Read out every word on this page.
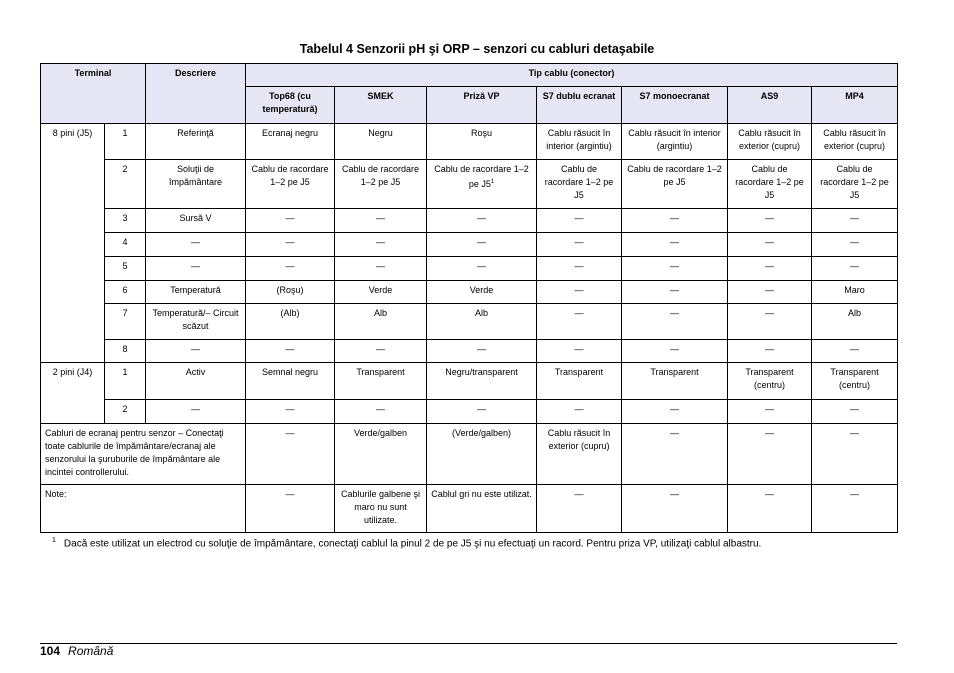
Tabelul 4 Senzorii pH şi ORP – senzori cu cabluri detaşabile
Terminal		Descriere	Tip cablu (conector)						
			Top68 (cu temperatură)	SMEK	Priză VP	S7 dublu ecranat	S7 monoecranat	AS9	MP4
8 pini (J5)	1	Referinţă	Ecranaj negru	Negru	Roşu	Cablu răsucit în interior (argintiu)	Cablu răsucit în interior (argintiu)	Cablu răsucit în exterior (cupru)	Cablu răsucit în exterior (cupru)
	2	Soluţii de împământare	Cablu de racordare 1–2 pe J5	Cablu de racordare 1–2 pe J5	Cablu de racordare 1–2 pe J5$^1$	Cablu de racordare 1–2 pe J5	Cablu de racordare 1–2 pe J5	Cablu de racordare 1–2 pe J5	Cablu de racordare 1–2 pe J5
	3	Sursă V	—	—	—	—	—	—	—
	4	—	—	—	—	—	—	—	—
	5	—	—	—	—	—	—	—	—
	6	Temperatură	(Roşu)	Verde	Verde	—	—	—	Maro
	7	Temperatură/– Circuit scăzut	(Alb)	Alb	Alb	—	—	—	Alb
	8	—	—	—	—	—	—	—	—
2 pini (J4)	1	Activ	Semnal negru	Transparent	Negru/transparent	Transparent	Transparent	Transparent (centru)	Transparent (centru)
	2	—	—	—	—	—	—	—	—
Cabluri de ecranaj pentru senzor – Conectaţi toate cablurile de împământare/ecranaj ale senzorului la şuruburile de împământare ale incintei controllerului.			—	Verde/galben	(Verde/galben)	Cablu răsucit în exterior (cupru)	—	—	—
Note:			—	Cablurile galbene şi maro nu sunt utilizate.	Cablul gri nu este utilizat.	—	—	—	—
$^1$ Dacă este utilizat un electrod cu soluţie de împământare, conectaţi cablul la pinul 2 de pe J5 şi nu efectuaţi un racord. Pentru priza VP, utilizaţi cablul albastru.
104 Română
